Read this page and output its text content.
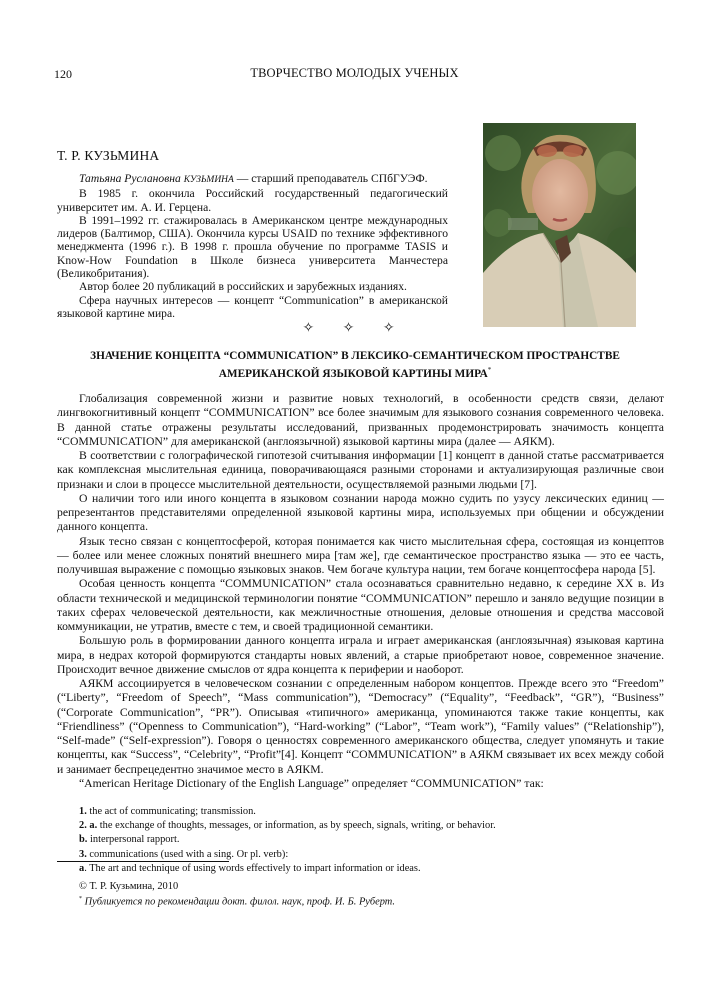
120	ТВОРЧЕСТВО МОЛОДЫХ УЧЕНЫХ
Т. Р. КУЗЬМИНА

Татьяна Руслановна КУЗЬМИНА — старший преподаватель СПбГУЭФ.

В 1985 г. окончила Российский государственный педагогический университет им. А. И. Герцена.

В 1991–1992 гг. стажировалась в Американском центре международных лидеров (Балтимор, США). Окончила курсы USAID по технике эффективного менеджмента (1996 г.). В 1998 г. прошла обучение по программе TASIS и Know-How Foundation в Школе бизнеса университета Манчестера (Великобритания).

Автор более 20 публикаций в российских и зарубежных изданиях.

Сфера научных интересов — концепт “Communication” в американской языковой картине мира.

✧ ✧ ✧
ЗНАЧЕНИЕ КОНЦЕПТА “COMMUNICATION” В ЛЕКСИКО-СЕМАНТИЧЕСКОМ ПРОСТРАНСТВЕ
АМЕРИКАНСКОЙ ЯЗЫКОВОЙ КАРТИНЫ МИРА*

Глобализация современной жизни и развитие новых технологий, в особенности средств связи, делают лингвокогнитивный концепт “COMMUNICATION” все более значимым для языкового сознания современного человека. В данной статье отражены результаты исследований, призванных продемонстрировать значимость концепта “COMMUNICATION” для американской (англоязычной) языковой картины мира (далее — АЯКМ).

В соответствии с голографической гипотезой считывания информации [1] концепт в данной статье рассматривается как комплексная мыслительная единица, поворачивающаяся разными сторонами и актуализирующая различные свои признаки и слои в процессе мыслительной деятельности, осуществляемой разными людьми [7].

О наличии того или иного концепта в языковом сознании народа можно судить по узусу лексических единиц — репрезентантов представителями определенной языковой картины мира, используемых при общении и обсуждении данного концепта.

Язык тесно связан с концептосферой, которая понимается как чисто мыслительная сфера, состоящая из концептов — более или менее сложных понятий внешнего мира [там же], где семантическое пространство языка — это ее часть, получившая выражение с помощью языковых знаков. Чем богаче культура нации, тем богаче концептосфера народа [5].

Особая ценность концепта “COMMUNICATION” стала осознаваться сравнительно недавно, к середине XX в. Из области технической и медицинской терминологии понятие “COMMUNICATION” перешло и заняло ведущие позиции в таких сферах человеческой деятельности, как межличностные отношения, деловые отношения и средства массовой коммуникации, не утратив, вместе с тем, и своей традиционной семантики.

Большую роль в формировании данного концепта играла и играет американская (англоязычная) языковая картина мира, в недрах которой формируются стандарты новых явлений, а старые приобретают новое, современное значение. Происходит вечное движение смыслов от ядра концепта к периферии и наоборот.

АЯКМ ассоциируется в человеческом сознании с определенным набором концептов. Прежде всего это “Freedom” (“Liberty”, “Freedom of Speech”, “Mass communication”), “Democracy” (“Equality”, “Feedback”, “GR”), “Business” (“Corporate Communication”, “PR”). Описывая «типичного» американца, упоминаются также такие концепты, как “Friendliness” (“Openness to Communication”), “Hard-working” (“Labor”, “Team work”), “Family values” (“Relationship”), “Self-made” (“Self-expression”). Говоря о ценностях современного американского общества, следует упомянуть и такие концепты, как “Success”, “Celebrity”, “Profit”[4]. Концепт “COMMUNICATION” в АЯКМ связывает их всех между собой и занимает беспрецедентно значимое место в АЯКМ.

“American Heritage Dictionary of the English Language” определяет “COMMUNICATION” так:

1. the act of communicating; transmission.
2. a. the exchange of thoughts, messages, or information, as by speech, signals, writing, or behavior.
b. interpersonal rapport.
3. communications (used with a sing. Or pl. verb):
a. The art and technique of using words effectively to impart information or ideas.
© Т. Р. Кузьмина, 2010
* Публикуется по рекомендации докт. филол. наук, проф. И. Б. Руберт.
